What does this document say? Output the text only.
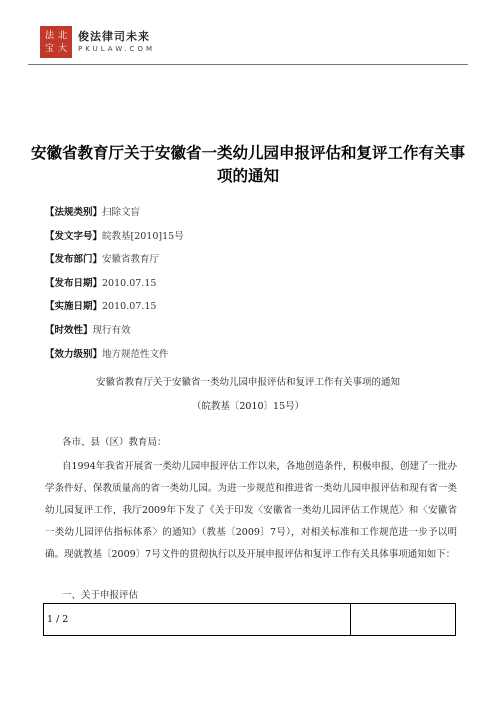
法 北
宝 大
俊法律司未来
PKULAW.COM
安徽省教育厅关于安徽省一类幼儿园申报评估和复评工作有关事项的通知
【法规类别】扫除文盲
【发文字号】皖教基[2010]15号
【发布部门】安徽省教育厅
【发布日期】2010.07.15
【实施日期】2010.07.15
【时效性】现行有效
【效力级别】地方规范性文件
安徽省教育厅关于安徽省一类幼儿园申报评估和复评工作有关事项的通知
（皖教基〔2010〕15号）
各市、县（区）教育局：
自1994年我省开展省一类幼儿园申报评估工作以来，各地创造条件，积极申报，创建了一批办学条件好、保教质量高的省一类幼儿园。为进一步规范和推进省一类幼儿园申报评估和现有省一类幼儿园复评工作，我厅2009年下发了《关于印发〈安徽省一类幼儿园评估工作规范〉和〈安徽省一类幼儿园评估指标体系〉的通知》（教基〔2009〕7号），对相关标准和工作规范进一步予以明确。现就教基〔2009〕7号文件的贯彻执行以及开展申报评估和复评工作有关具体事项通知如下：
一、关于申报评估
1 / 2	
